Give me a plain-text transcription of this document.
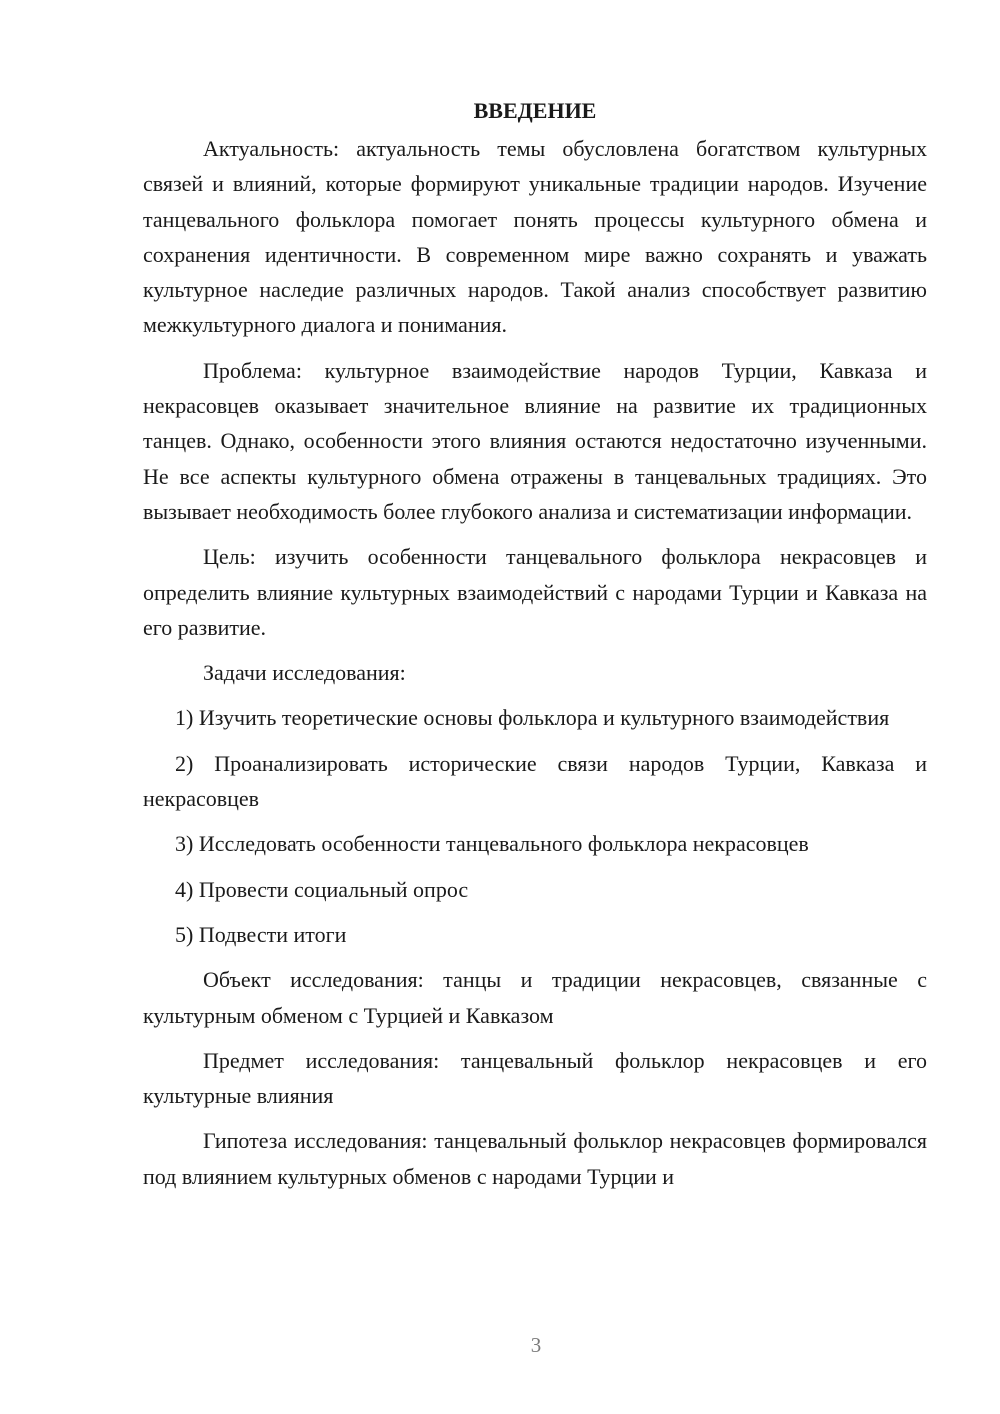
ВВЕДЕНИЕ

Актуальность: актуальность темы обусловлена богатством культурных связей и влияний, которые формируют уникальные традиции народов. Изучение танцевального фольклора помогает понять процессы культурного обмена и сохранения идентичности. В современном мире важно сохранять и уважать культурное наследие различных народов. Такой анализ способствует развитию межкультурного диалога и понимания.

Проблема: культурное взаимодействие народов Турции, Кавказа и некрасовцев оказывает значительное влияние на развитие их традиционных танцев. Однако, особенности этого влияния остаются недостаточно изученными. Не все аспекты культурного обмена отражены в танцевальных традициях. Это вызывает необходимость более глубокого анализа и систематизации информации.

Цель: изучить особенности танцевального фольклора некрасовцев и определить влияние культурных взаимодействий с народами Турции и Кавказа на его развитие.

Задачи исследования:

1) Изучить теоретические основы фольклора и культурного взаимодействия

2) Проанализировать исторические связи народов Турции, Кавказа и некрасовцев

3) Исследовать особенности танцевального фольклора некрасовцев

4) Провести социальный опрос

5) Подвести итоги

Объект исследования: танцы и традиции некрасовцев, связанные с культурным обменом с Турцией и Кавказом

Предмет исследования: танцевальный фольклор некрасовцев и его культурные влияния

Гипотеза исследования: танцевальный фольклор некрасовцев формировался под влиянием культурных обменов с народами Турции и

3
